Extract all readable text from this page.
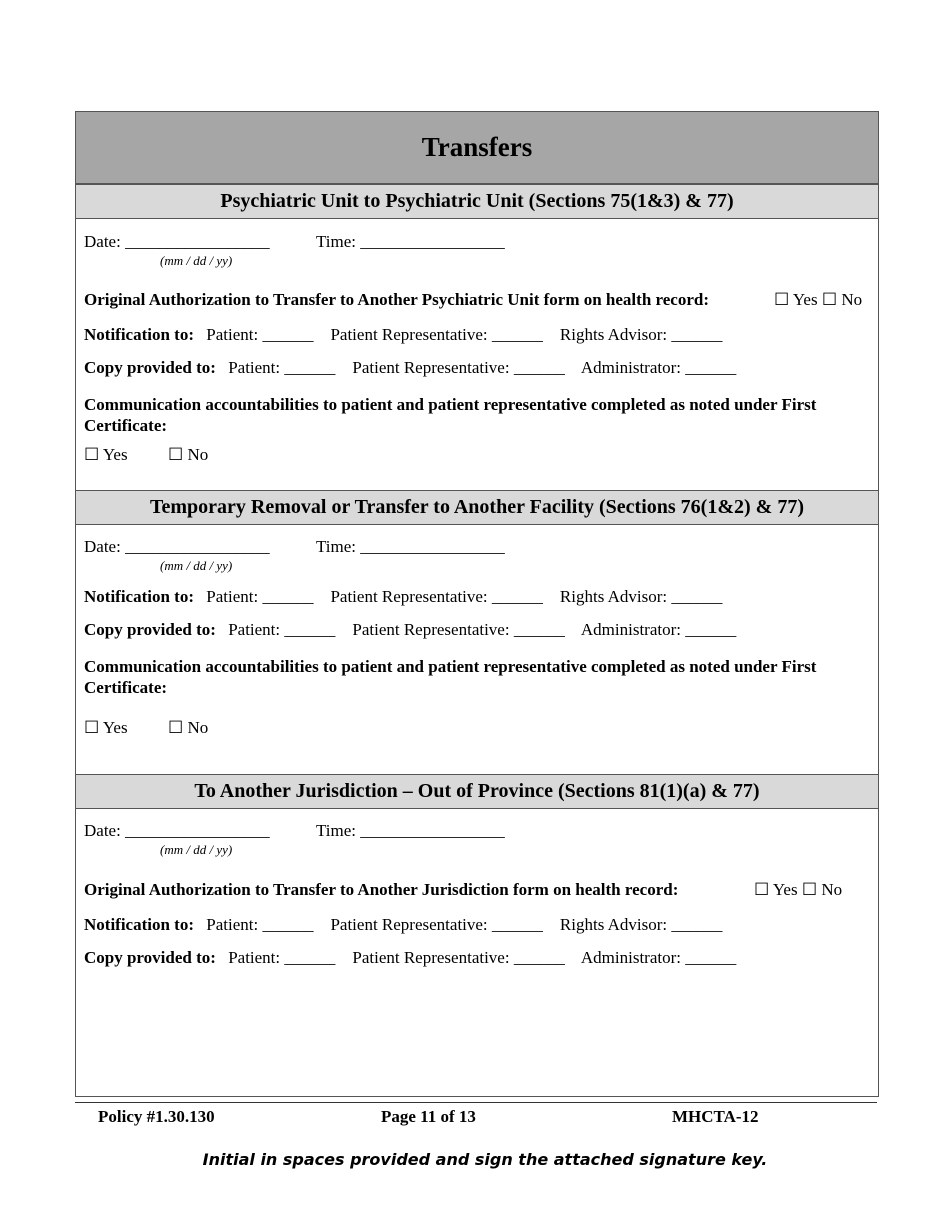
Transfers
Psychiatric Unit to Psychiatric Unit (Sections 75(1&3) & 77)
Date: _________________	Time: _________________
(mm / dd / yy)
Original Authorization to Transfer to Another Psychiatric Unit form on health record:	☐ Yes ☐ No
Notification to: Patient: ______    Patient Representative: ______    Rights Advisor: ______
Copy provided to: Patient: ______    Patient Representative: ______    Administrator: ______
Communication accountabilities to patient and patient representative completed as noted under First Certificate:
☐ Yes ☐ No
Temporary Removal or Transfer to Another Facility (Sections 76(1&2) & 77)
Date: _________________	Time: _________________
(mm / dd / yy)
Notification to: Patient: ______    Patient Representative: ______    Rights Advisor: ______
Copy provided to: Patient: ______    Patient Representative: ______    Administrator: ______
Communication accountabilities to patient and patient representative completed as noted under First Certificate:
☐ Yes ☐ No
To Another Jurisdiction – Out of Province (Sections 81(1)(a) & 77)
Date: _________________	Time: _________________
(mm / dd / yy)
Original Authorization to Transfer to Another Jurisdiction form on health record:	☐ Yes ☐ No
Notification to: Patient: ______    Patient Representative: ______    Rights Advisor: ______
Copy provided to: Patient: ______    Patient Representative: ______    Administrator: ______
Policy #1.30.130	Page 11 of 13	MHCTA-12
Initial in spaces provided and sign the attached signature key.
